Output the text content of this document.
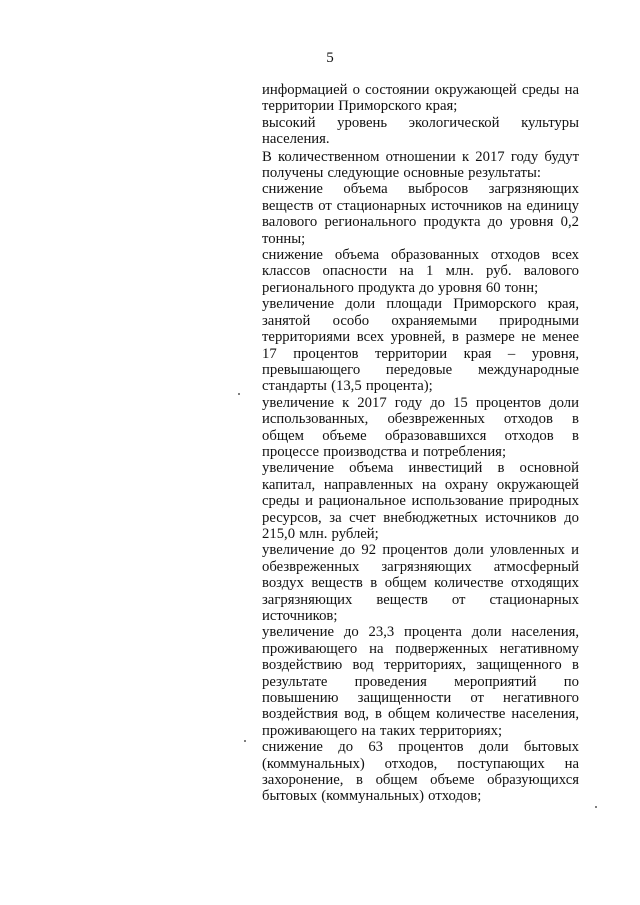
5

информацией о состоянии окружающей среды на территории Приморского края;

высокий уровень экологической культуры населения.

В количественном отношении к 2017 году будут получены следующие основные результаты:

снижение объема выбросов загрязняющих веществ от стационарных источников на единицу валового регионального продукта до уровня 0,2 тонны;

снижение объема образованных отходов всех классов опасности на 1 млн. руб. валового регионального продукта до уровня 60 тонн;

увеличение доли площади Приморского края, занятой особо охраняемыми природными территориями всех уровней, в размере не менее 17 процентов территории края – уровня, превышающего передовые международные стандарты (13,5 процента);

увеличение к 2017 году до 15 процентов доли использованных, обезвреженных отходов в общем объеме образовавшихся отходов в процессе производства и потребления;

увеличение объема инвестиций в основной капитал, направленных на охрану окружающей среды и рациональное использование природных ресурсов, за счет внебюджетных источников до 215,0 млн. рублей;

увеличение до 92 процентов доли уловленных и обезвреженных загрязняющих атмосферный воздух веществ в общем количестве отходящих загрязняющих веществ от стационарных источников;

увеличение до 23,3 процента доли населения, проживающего на подверженных негативному воздействию вод территориях, защищенного в результате проведения мероприятий по повышению защищенности от негативного воздействия вод, в общем количестве населения, проживающего на таких территориях;

снижение до 63 процентов доли бытовых (коммунальных) отходов, поступающих на захоронение, в общем объеме образующихся бытовых (коммунальных) отходов;
